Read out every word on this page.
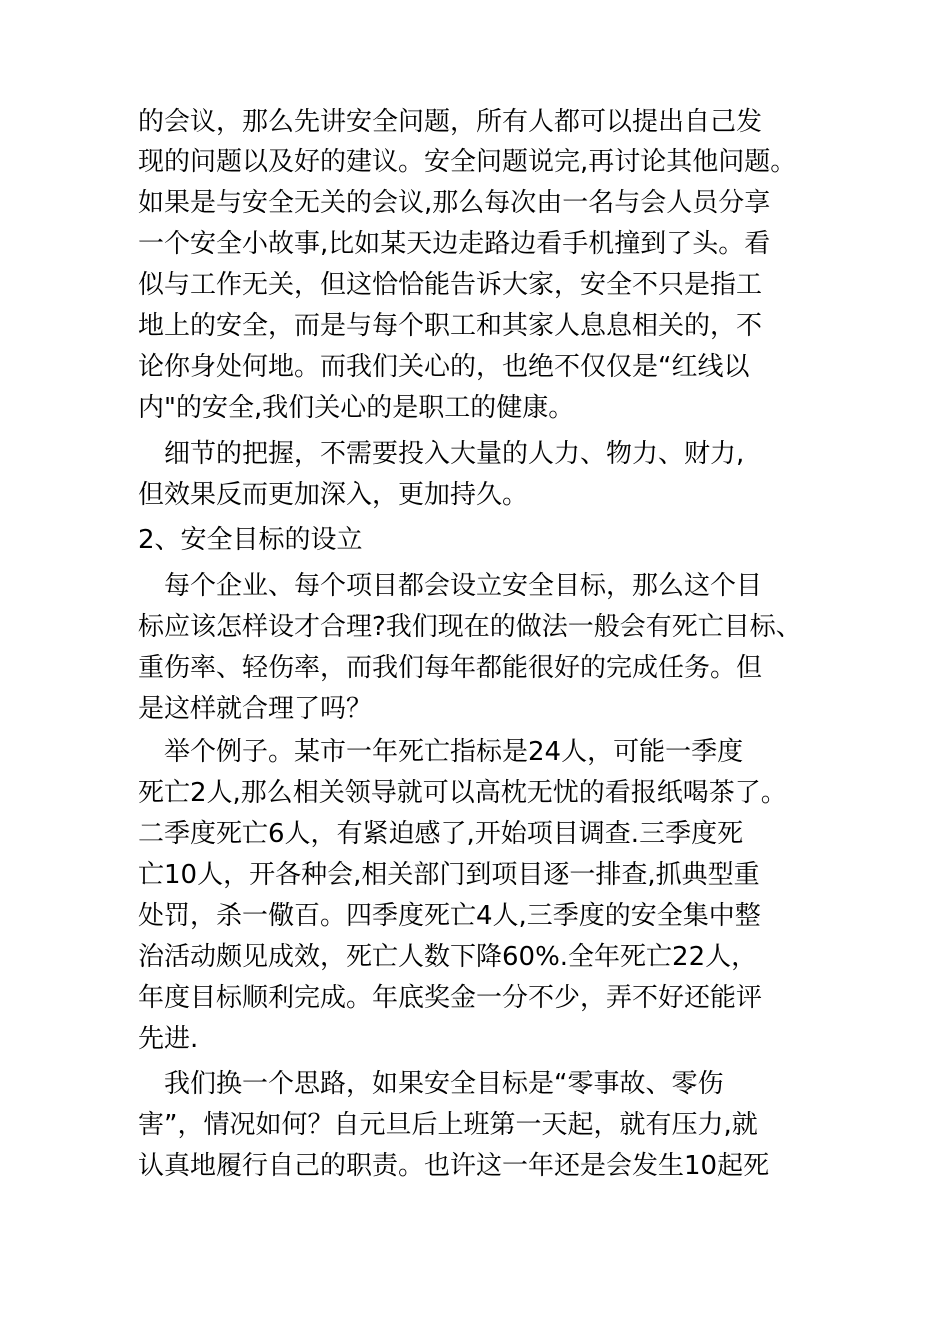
的会议，那么先讲安全问题，所有人都可以提出自己发
现的问题以及好的建议。安全问题说完,再讨论其他问题。
如果是与安全无关的会议,那么每次由一名与会人员分享
一个安全小故事,比如某天边走路边看手机撞到了头。看
似与工作无关，但这恰恰能告诉大家，安全不只是指工
地上的安全，而是与每个职工和其家人息息相关的，不
论你身处何地。而我们关心的，也绝不仅仅是“红线以
内"的安全,我们关心的是职工的健康。
　细节的把握，不需要投入大量的人力、物力、财力,
但效果反而更加深入，更加持久。
2、安全目标的设立
　每个企业、每个项目都会设立安全目标，那么这个目
标应该怎样设才合理?我们现在的做法一般会有死亡目标、
重伤率、轻伤率，而我们每年都能很好的完成任务。但
是这样就合理了吗？
　举个例子。某市一年死亡指标是24人，可能一季度
死亡2人,那么相关领导就可以高枕无忧的看报纸喝茶了。
二季度死亡6人，有紧迫感了,开始项目调查.三季度死
亡10人，开各种会,相关部门到项目逐一排查,抓典型重
处罚，杀一儆百。四季度死亡4人,三季度的安全集中整
治活动颇见成效，死亡人数下降60%.全年死亡22人，
年度目标顺利完成。年底奖金一分不少，弄不好还能评
先进.
　我们换一个思路，如果安全目标是“零事故、零伤
害”，情况如何？自元旦后上班第一天起，就有压力,就
认真地履行自己的职责。也许这一年还是会发生10起死
